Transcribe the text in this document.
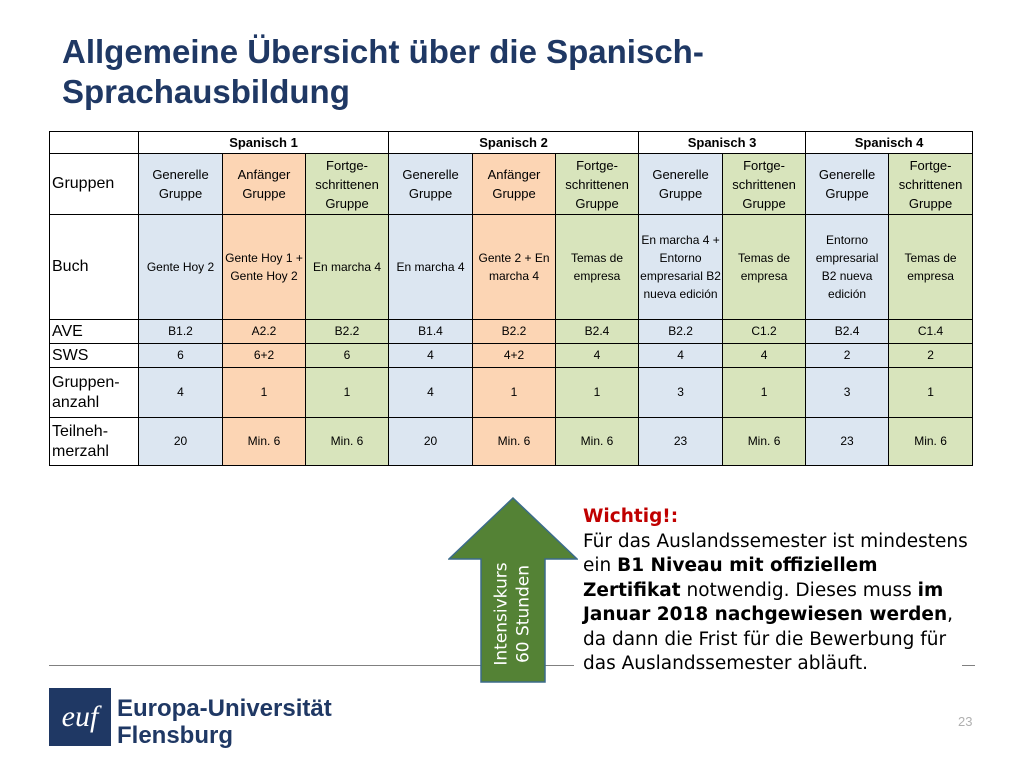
Allgemeine Übersicht über die Spanisch-Sprachausbildung
	Spanisch 1			Spanisch 2			Spanisch 3		Spanisch 4	
Gruppen	Generelle Gruppe	Anfänger Gruppe	Fortge-schrittenen Gruppe	Generelle Gruppe	Anfänger Gruppe	Fortge-schrittenen Gruppe	Generelle Gruppe	Fortge-schrittenen Gruppe	Generelle Gruppe	Fortge-schrittenen Gruppe
Buch	Gente Hoy 2	Gente Hoy 1 + Gente Hoy 2	En marcha 4	En marcha 4	Gente 2 + En marcha 4	Temas de empresa	En marcha 4 + Entorno empresarial B2 nueva edición	Temas de empresa	Entorno empresarial B2 nueva edición	Temas de empresa
AVE	B1.2	A2.2	B2.2	B1.4	B2.2	B2.4	B2.2	C1.2	B2.4	C1.4
SWS	6	6+2	6	4	4+2	4	4	4	2	2
Gruppen-anzahl	4	1	1	4	1	1	3	1	3	1
Teilneh-merzahl	20	Min. 6	Min. 6	20	Min. 6	Min. 6	23	Min. 6	23	Min. 6
Intensivkurs 60 Stunden
Wichtig!:
Für das Auslandssemester ist mindestens ein B1 Niveau mit offiziellem Zertifikat notwendig. Dieses muss im Januar 2018 nachgewiesen werden, da dann die Frist für die Bewerbung für das Auslandssemester abläuft.
euf Europa-Universität
Flensburg
23
